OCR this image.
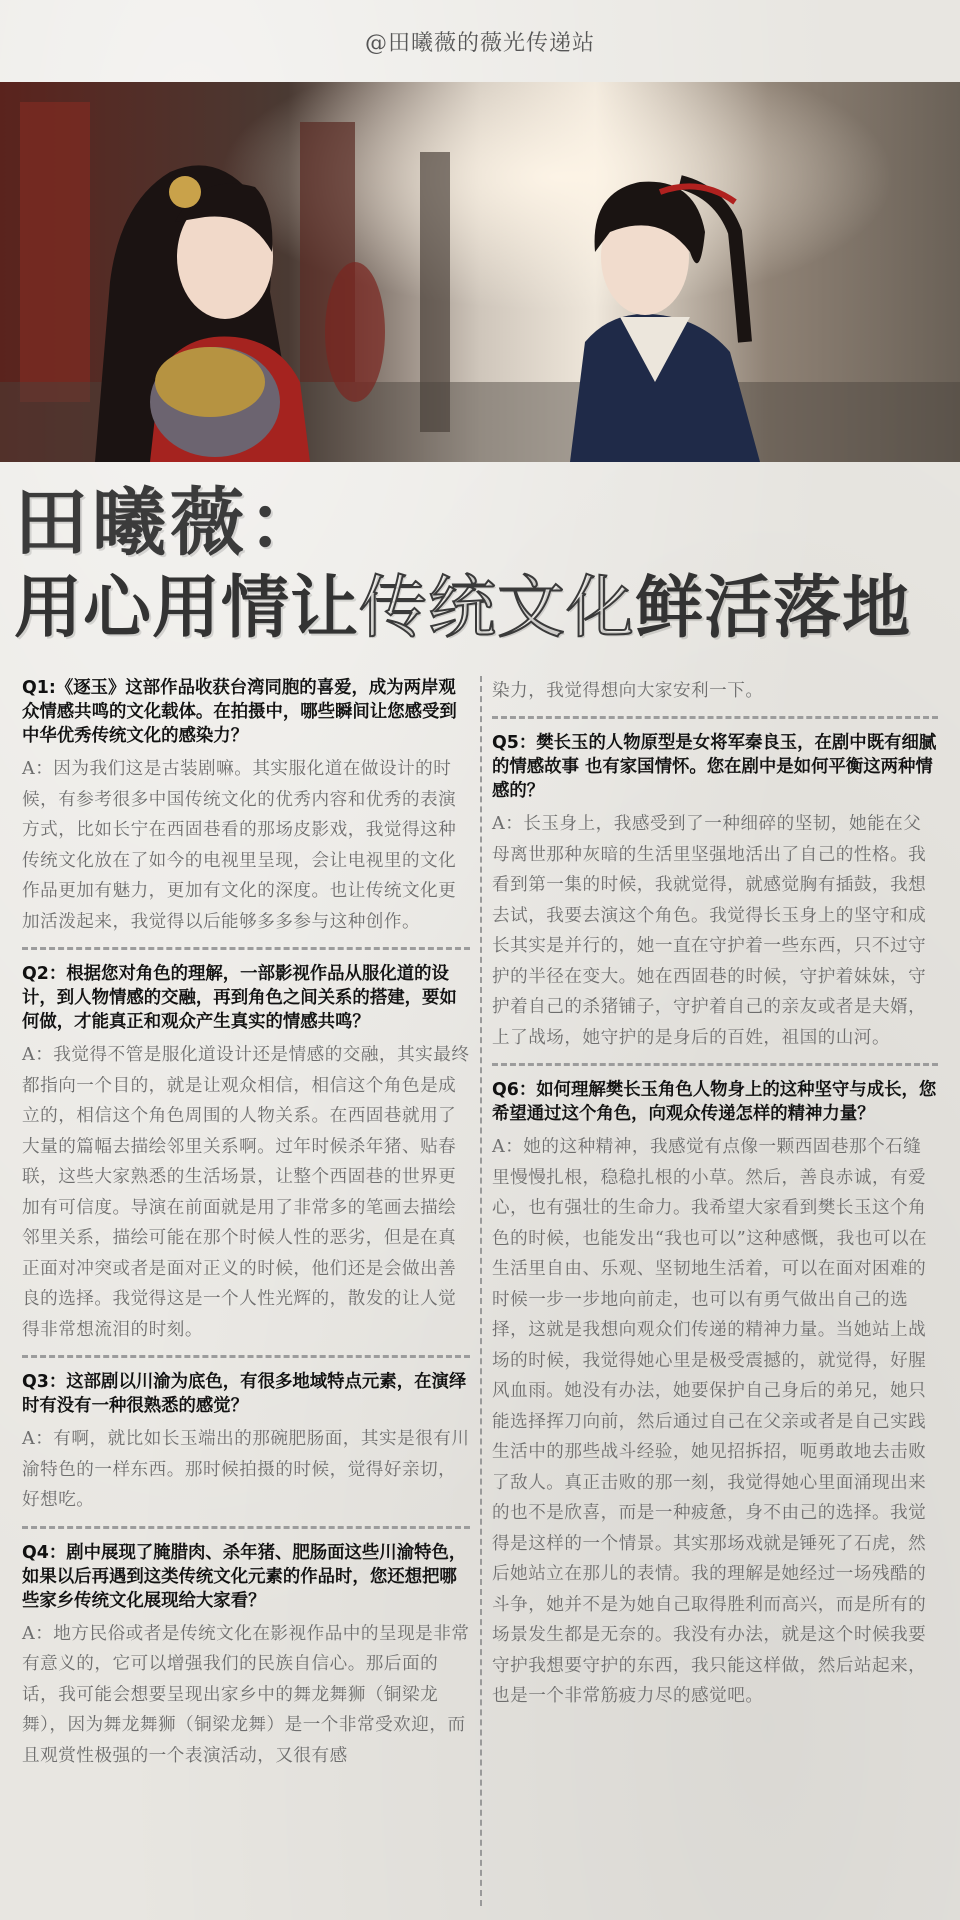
@田曦薇的薇光传递站
田曦薇：
用心用情让传统文化鲜活落地

Q1:《逐玉》这部作品收获台湾同胞的喜爱，成为两岸观众情感共鸣的文化载体。在拍摄中，哪些瞬间让您感受到中华优秀传统文化的感染力？

A：因为我们这是古装剧嘛。其实服化道在做设计的时候，有参考很多中国传统文化的优秀内容和优秀的表演方式，比如长宁在西固巷看的那场皮影戏，我觉得这种传统文化放在了如今的电视里呈现，会让电视里的文化作品更加有魅力，更加有文化的深度。也让传统文化更加活泼起来，我觉得以后能够多多参与这种创作。

Q2：根据您对角色的理解，一部影视作品从服化道的设计，到人物情感的交融，再到角色之间关系的搭建，要如何做，才能真正和观众产生真实的情感共鸣？

A：我觉得不管是服化道设计还是情感的交融，其实最终都指向一个目的，就是让观众相信，相信这个角色是成立的，相信这个角色周围的人物关系。在西固巷就用了大量的篇幅去描绘邻里关系啊。过年时候杀年猪、贴春联，这些大家熟悉的生活场景，让整个西固巷的世界更加有可信度。导演在前面就是用了非常多的笔画去描绘邻里关系，描绘可能在那个时候人性的恶劣，但是在真正面对冲突或者是面对正义的时候，他们还是会做出善良的选择。我觉得这是一个人性光辉的，散发的让人觉得非常想流泪的时刻。

Q3：这部剧以川渝为底色，有很多地域特点元素，在演绎时有没有一种很熟悉的感觉？

A：有啊，就比如长玉端出的那碗肥肠面，其实是很有川渝特色的一样东西。那时候拍摄的时候，觉得好亲切，好想吃。

Q4：剧中展现了腌腊肉、杀年猪、肥肠面这些川渝特色，如果以后再遇到这类传统文化元素的作品时，您还想把哪些家乡传统文化展现给大家看？

A：地方民俗或者是传统文化在影视作品中的呈现是非常有意义的，它可以增强我们的民族自信心。那后面的话，我可能会想要呈现出家乡中的舞龙舞狮（铜梁龙舞），因为舞龙舞狮（铜梁龙舞）是一个非常受欢迎，而且观赏性极强的一个表演活动，又很有感

染力，我觉得想向大家安利一下。

Q5：樊长玉的人物原型是女将军秦良玉，在剧中既有细腻的情感故事 也有家国情怀。您在剧中是如何平衡这两种情感的？

A：长玉身上，我感受到了一种细碎的坚韧，她能在父母离世那种灰暗的生活里坚强地活出了自己的性格。我看到第一集的时候，我就觉得，就感觉胸有插鼓，我想去试，我要去演这个角色。我觉得长玉身上的坚守和成长其实是并行的，她一直在守护着一些东西，只不过守护的半径在变大。她在西固巷的时候，守护着妹妹，守护着自己的杀猪铺子，守护着自己的亲友或者是夫婿，上了战场，她守护的是身后的百姓，祖国的山河。

Q6：如何理解樊长玉角色人物身上的这种坚守与成长，您希望通过这个角色，向观众传递怎样的精神力量？

A：她的这种精神，我感觉有点像一颗西固巷那个石缝里慢慢扎根，稳稳扎根的小草。然后，善良赤诚，有爱心，也有强壮的生命力。我希望大家看到樊长玉这个角色的时候，也能发出“我也可以”这种感慨，我也可以在生活里自由、乐观、坚韧地生活着，可以在面对困难的时候一步一步地向前走，也可以有勇气做出自己的选择，这就是我想向观众们传递的精神力量。当她站上战场的时候，我觉得她心里是极受震撼的，就觉得，好腥风血雨。她没有办法，她要保护自己身后的弟兄，她只能选择挥刀向前，然后通过自己在父亲或者是自己实践生活中的那些战斗经验，她见招拆招，呃勇敢地去击败了敌人。真正击败的那一刻，我觉得她心里面涌现出来的也不是欣喜，而是一种疲惫，身不由己的选择。我觉得是这样的一个情景。其实那场戏就是锤死了石虎，然后她站立在那儿的表情。我的理解是她经过一场残酷的斗争，她并不是为她自己取得胜利而高兴，而是所有的场景发生都是无奈的。我没有办法，就是这个时候我要守护我想要守护的东西，我只能这样做，然后站起来，也是一个非常筋疲力尽的感觉吧。
